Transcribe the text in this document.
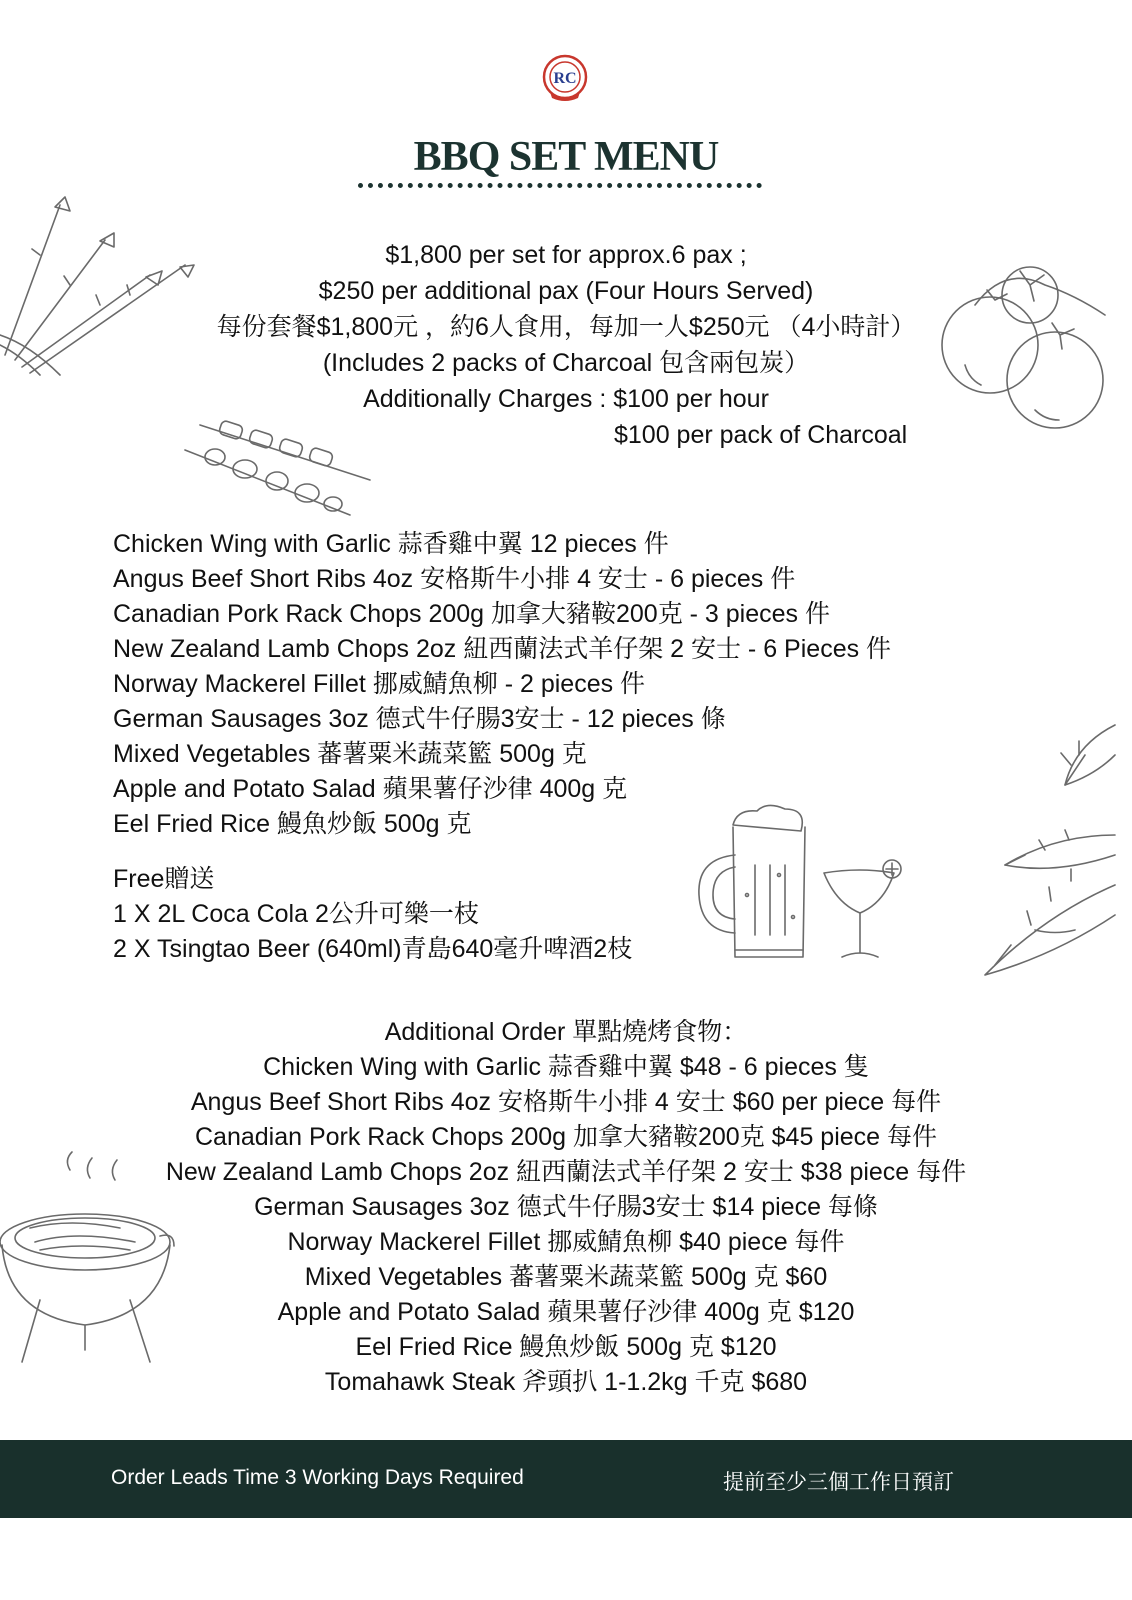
RC
BBQ SET MENU
$1,800 per set for approx.6 pax ;
$250 per additional pax (Four Hours Served)
每份套餐$1,800元 ，約6人食用，每加一人$250元 （4小時計）
(Includes 2 packs of Charcoal 包含兩包炭）
Additionally Charges : $100 per hour
$100 per pack of Charcoal
Chicken Wing with Garlic 蒜香雞中翼 12 pieces 件
Angus Beef Short Ribs 4oz 安格斯牛小排 4 安士 - 6 pieces 件
Canadian Pork Rack Chops 200g 加拿大豬鞍200克 - 3 pieces 件
New Zealand Lamb Chops 2oz 紐西蘭法式羊仔架 2 安士 - 6 Pieces 件
Norway Mackerel Fillet 挪威鯖魚柳 - 2 pieces 件
German Sausages 3oz 德式牛仔腸3安士 - 12 pieces 條
Mixed Vegetables 蕃薯粟米蔬菜籃 500g 克
Apple and Potato Salad 蘋果薯仔沙律 400g 克
Eel Fried Rice 鰻魚炒飯 500g 克
Free贈送
1 X 2L Coca Cola 2公升可樂一枝
2 X Tsingtao Beer (640ml)青島640毫升啤酒2枝
Additional Order 單點燒烤食物：
Chicken Wing with Garlic 蒜香雞中翼 $48 - 6 pieces 隻
Angus Beef Short Ribs 4oz 安格斯牛小排 4 安士 $60 per piece 每件
Canadian Pork Rack Chops 200g 加拿大豬鞍200克 $45 piece 每件
New Zealand Lamb Chops 2oz 紐西蘭法式羊仔架 2 安士 $38 piece 每件
German Sausages 3oz 德式牛仔腸3安士 $14 piece 每條
Norway Mackerel Fillet 挪威鯖魚柳 $40 piece 每件
Mixed Vegetables 蕃薯粟米蔬菜籃 500g 克 $60
Apple and Potato Salad 蘋果薯仔沙律 400g 克 $120
Eel Fried Rice 鰻魚炒飯 500g 克 $120
Tomahawk Steak 斧頭扒 1-1.2kg 千克 $680
Order Leads Time 3 Working Days Required	提前至少三個工作日預訂
